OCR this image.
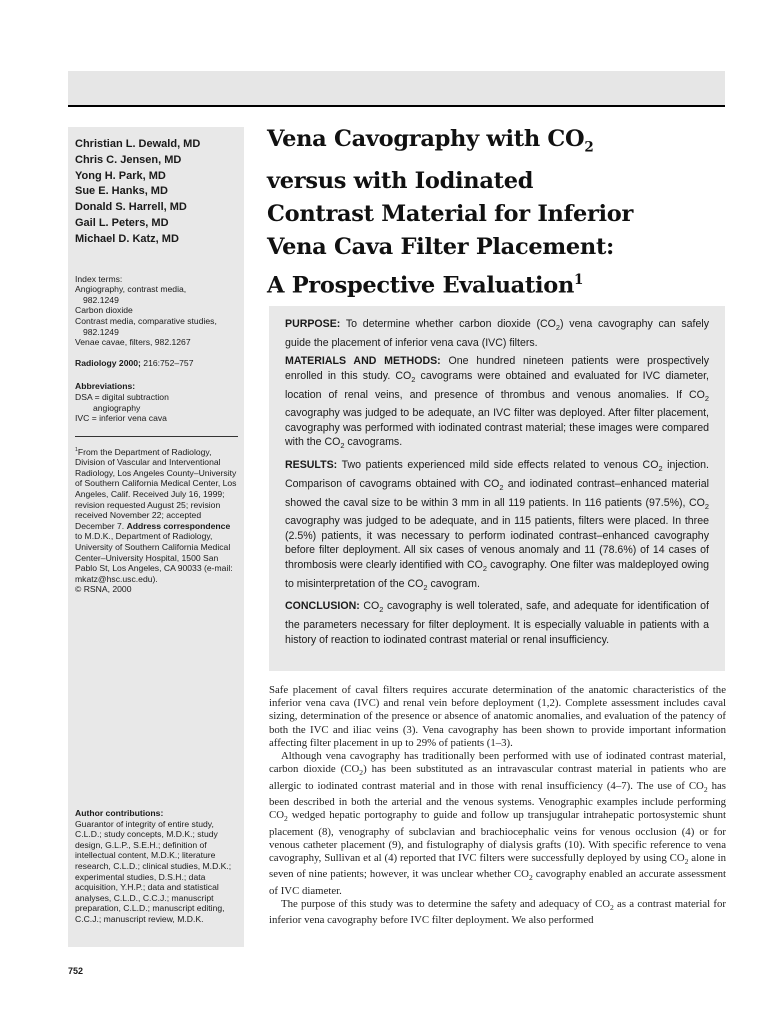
Christian L. Dewald, MD
Chris C. Jensen, MD
Yong H. Park, MD
Sue E. Hanks, MD
Donald S. Harrell, MD
Gail L. Peters, MD
Michael D. Katz, MD
Index terms:
Angiography, contrast media,
982.1249
Carbon dioxide
Contrast media, comparative studies,
982.1249
Venae cavae, filters, 982.1267
Radiology 2000; 216:752–757
Abbreviations:
DSA = digital subtraction
angiography
IVC = inferior vena cava
$^1$From the Department of Radiology, Division of Vascular and Interventional Radiology, Los Angeles County–University of Southern California Medical Center, Los Angeles, Calif. Received July 16, 1999; revision requested August 25; revision received November 22; accepted December 7. Address correspondence to M.D.K., Department of Radiology, University of Southern California Medical Center–University Hospital, 1500 San Pablo St, Los Angeles, CA 90033 (e-mail: mkatz@hsc.usc.edu).
© RSNA, 2000
Author contributions:
Guarantor of integrity of entire study, C.L.D.; study concepts, M.D.K.; study design, G.L.P., S.E.H.; definition of intellectual content, M.D.K.; literature research, C.L.D.; clinical studies, M.D.K.; experimental studies, D.S.H.; data acquisition, Y.H.P.; data and statistical analyses, C.L.D., C.C.J.; manuscript preparation, C.L.D.; manuscript editing, C.C.J.; manuscript review, M.D.K.
Vena Cavography with $CO_2$
versus with Iodinated
Contrast Material for Inferior
Vena Cava Filter Placement:
A Prospective Evaluation$^1$

PURPOSE: To determine whether carbon dioxide $(CO_2)$ vena cavography can safely guide the placement of inferior vena cava (IVC) filters.

MATERIALS AND METHODS: One hundred nineteen patients were prospectively enrolled in this study. $CO_2$ cavograms were obtained and evaluated for IVC diameter, location of renal veins, and presence of thrombus and venous anomalies. If $CO_2$ cavography was judged to be adequate, an IVC filter was deployed. After filter placement, cavography was performed with iodinated contrast material; these images were compared with the $CO_2$ cavograms.

RESULTS: Two patients experienced mild side effects related to venous $CO_2$ injection. Comparison of cavograms obtained with $CO_2$ and iodinated contrast–enhanced material showed the caval size to be within 3 mm in all 119 patients. In 116 patients (97.5%), $CO_2$ cavography was judged to be adequate, and in 115 patients, filters were placed. In three (2.5%) patients, it was necessary to perform iodinated contrast–enhanced cavography before filter deployment. All six cases of venous anomaly and 11 (78.6%) of 14 cases of thrombosis were clearly identified with $CO_2$ cavography. One filter was maldeployed owing to misinterpretation of the $CO_2$ cavogram.

CONCLUSION: $CO_2$ cavography is well tolerated, safe, and adequate for identification of the parameters necessary for filter deployment. It is especially valuable in patients with a history of reaction to iodinated contrast material or renal insufficiency.

Safe placement of caval filters requires accurate determination of the anatomic characteristics of the inferior vena cava (IVC) and renal vein before deployment (1,2). Complete assessment includes caval sizing, determination of the presence or absence of anatomic anomalies, and evaluation of the patency of both the IVC and iliac veins (3). Vena cavography has been shown to provide important information affecting filter placement in up to 29% of patients (1–3).

Although vena cavography has traditionally been performed with use of iodinated contrast material, carbon dioxide $(CO_2)$ has been substituted as an intravascular contrast material in patients who are allergic to iodinated contrast material and in those with renal insufficiency (4–7). The use of $CO_2$ has been described in both the arterial and the venous systems. Venographic examples include performing $CO_2$ wedged hepatic portography to guide and follow up transjugular intrahepatic portosystemic shunt placement (8), venography of subclavian and brachiocephalic veins for venous occlusion (4) or for venous catheter placement (9), and fistulography of dialysis grafts (10). With specific reference to vena cavography, Sullivan et al (4) reported that IVC filters were successfully deployed by using $CO_2$ alone in seven of nine patients; however, it was unclear whether $CO_2$ cavography enabled an accurate assessment of IVC diameter.

The purpose of this study was to determine the safety and adequacy of $CO_2$ as a contrast material for inferior vena cavography before IVC filter deployment. We also performed

752
